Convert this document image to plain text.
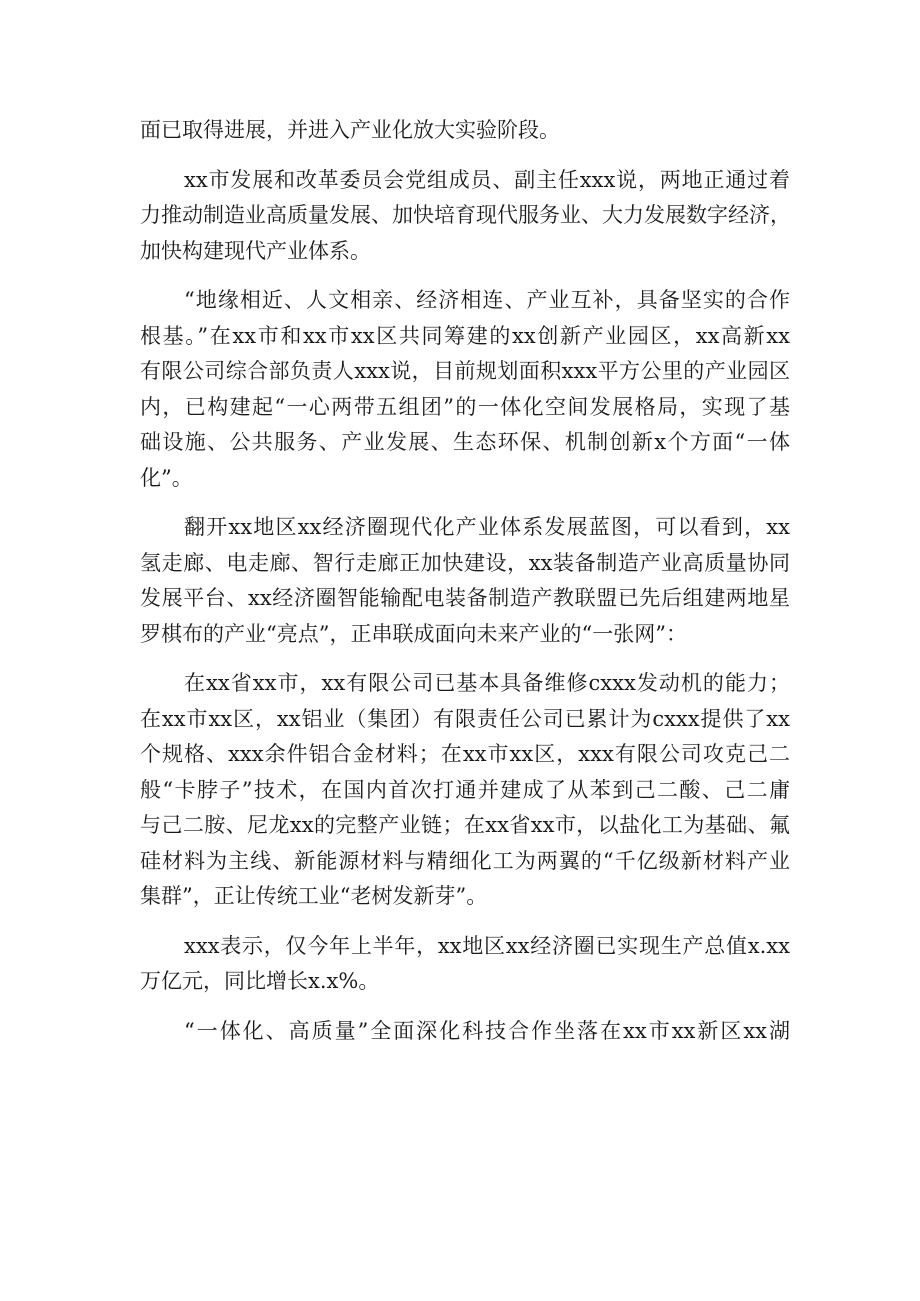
面已取得进展，并进入产业化放大实验阶段。
xx市发展和改革委员会党组成员、副主任xxx说，两地正通过着
力推动制造业高质量发展、加快培育现代服务业、大力发展数字经济，
加快构建现代产业体系。
“地缘相近、人文相亲、经济相连、产业互补，具备坚实的合作
根基。”在xx市和xx市xx区共同筹建的xx创新产业园区，xx高新xx
有限公司综合部负责人xxx说，目前规划面积xxx平方公里的产业园区
内，已构建起“一心两带五组团”的一体化空间发展格局，实现了基
础设施、公共服务、产业发展、生态环保、机制创新x个方面“一体
化”。
翻开xx地区xx经济圈现代化产业体系发展蓝图，可以看到，xx
氢走廊、电走廊、智行走廊正加快建设，xx装备制造产业高质量协同
发展平台、xx经济圈智能输配电装备制造产教联盟已先后组建两地星
罗棋布的产业“亮点”，正串联成面向未来产业的“一张网”：
在xx省xx市，xx有限公司已基本具备维修cxxx发动机的能力；
在xx市xx区，xx铝业（集团）有限责任公司已累计为cxxx提供了xx
个规格、xxx余件铝合金材料；在xx市xx区，xxx有限公司攻克己二
般“卡脖子”技术，在国内首次打通并建成了从苯到己二酸、己二庸
与己二胺、尼龙xx的完整产业链；在xx省xx市，以盐化工为基础、氟
硅材料为主线、新能源材料与精细化工为两翼的“千亿级新材料产业
集群”，正让传统工业“老树发新芽”。
xxx表示，仅今年上半年，xx地区xx经济圈已实现生产总值x.xx
万亿元，同比增长x.x%。
“一体化、高质量”全面深化科技合作坐落在xx市xx新区xx湖
